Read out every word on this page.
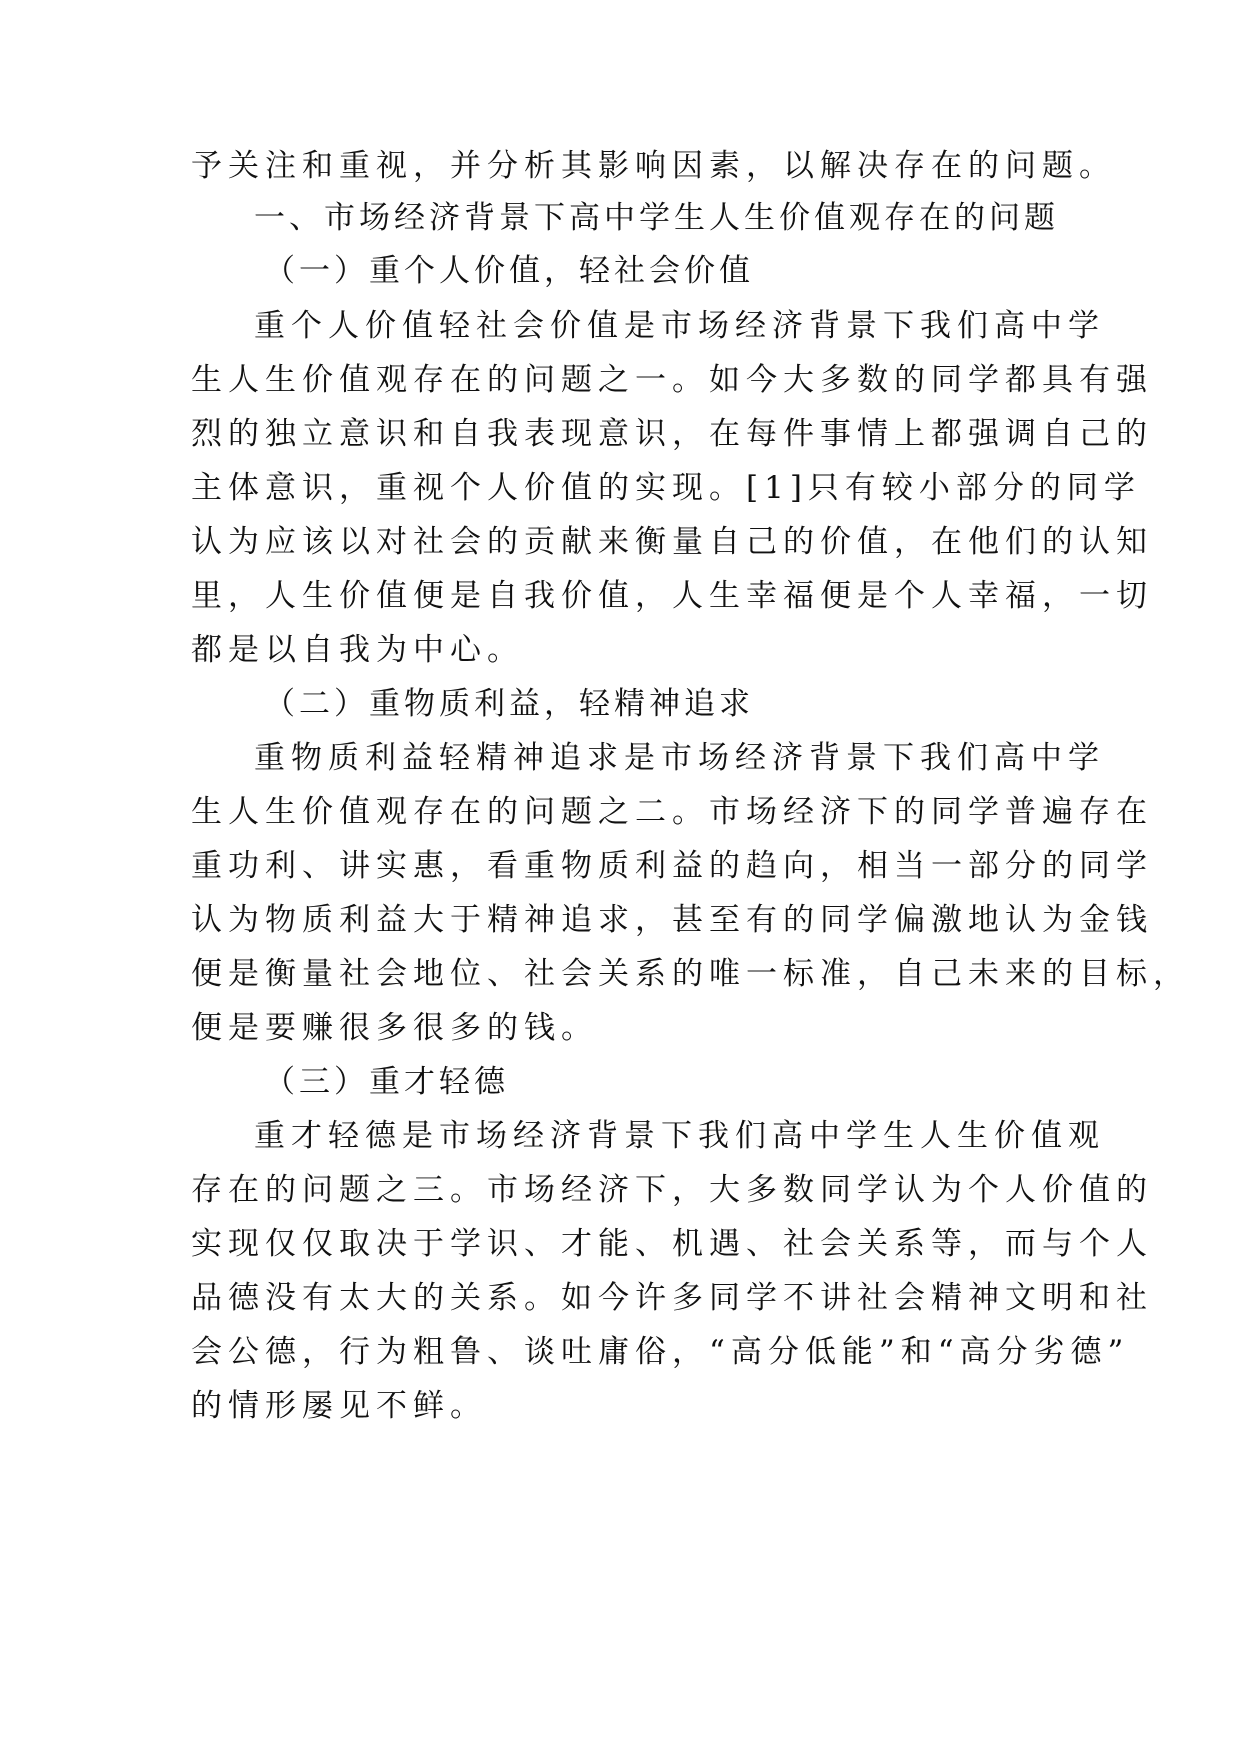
予关注和重视，并分析其影响因素，以解决存在的问题。
一、市场经济背景下高中学生人生价值观存在的问题
（一）重个人价值，轻社会价值
重个人价值轻社会价值是市场经济背景下我们高中学
生人生价值观存在的问题之一。如今大多数的同学都具有强
烈的独立意识和自我表现意识，在每件事情上都强调自己的
主体意识，重视个人价值的实现。[1]只有较小部分的同学
认为应该以对社会的贡献来衡量自己的价值，在他们的认知
里，人生价值便是自我价值，人生幸福便是个人幸福，一切
都是以自我为中心。
（二）重物质利益，轻精神追求
重物质利益轻精神追求是市场经济背景下我们高中学
生人生价值观存在的问题之二。市场经济下的同学普遍存在
重功利、讲实惠，看重物质利益的趋向，相当一部分的同学
认为物质利益大于精神追求，甚至有的同学偏激地认为金钱
便是衡量社会地位、社会关系的唯一标准，自己未来的目标，
便是要赚很多很多的钱。
（三）重才轻德
重才轻德是市场经济背景下我们高中学生人生价值观
存在的问题之三。市场经济下，大多数同学认为个人价值的
实现仅仅取决于学识、才能、机遇、社会关系等，而与个人
品德没有太大的关系。如今许多同学不讲社会精神文明和社
会公德，行为粗鲁、谈吐庸俗，“高分低能”和“高分劣德”
的情形屡见不鲜。
